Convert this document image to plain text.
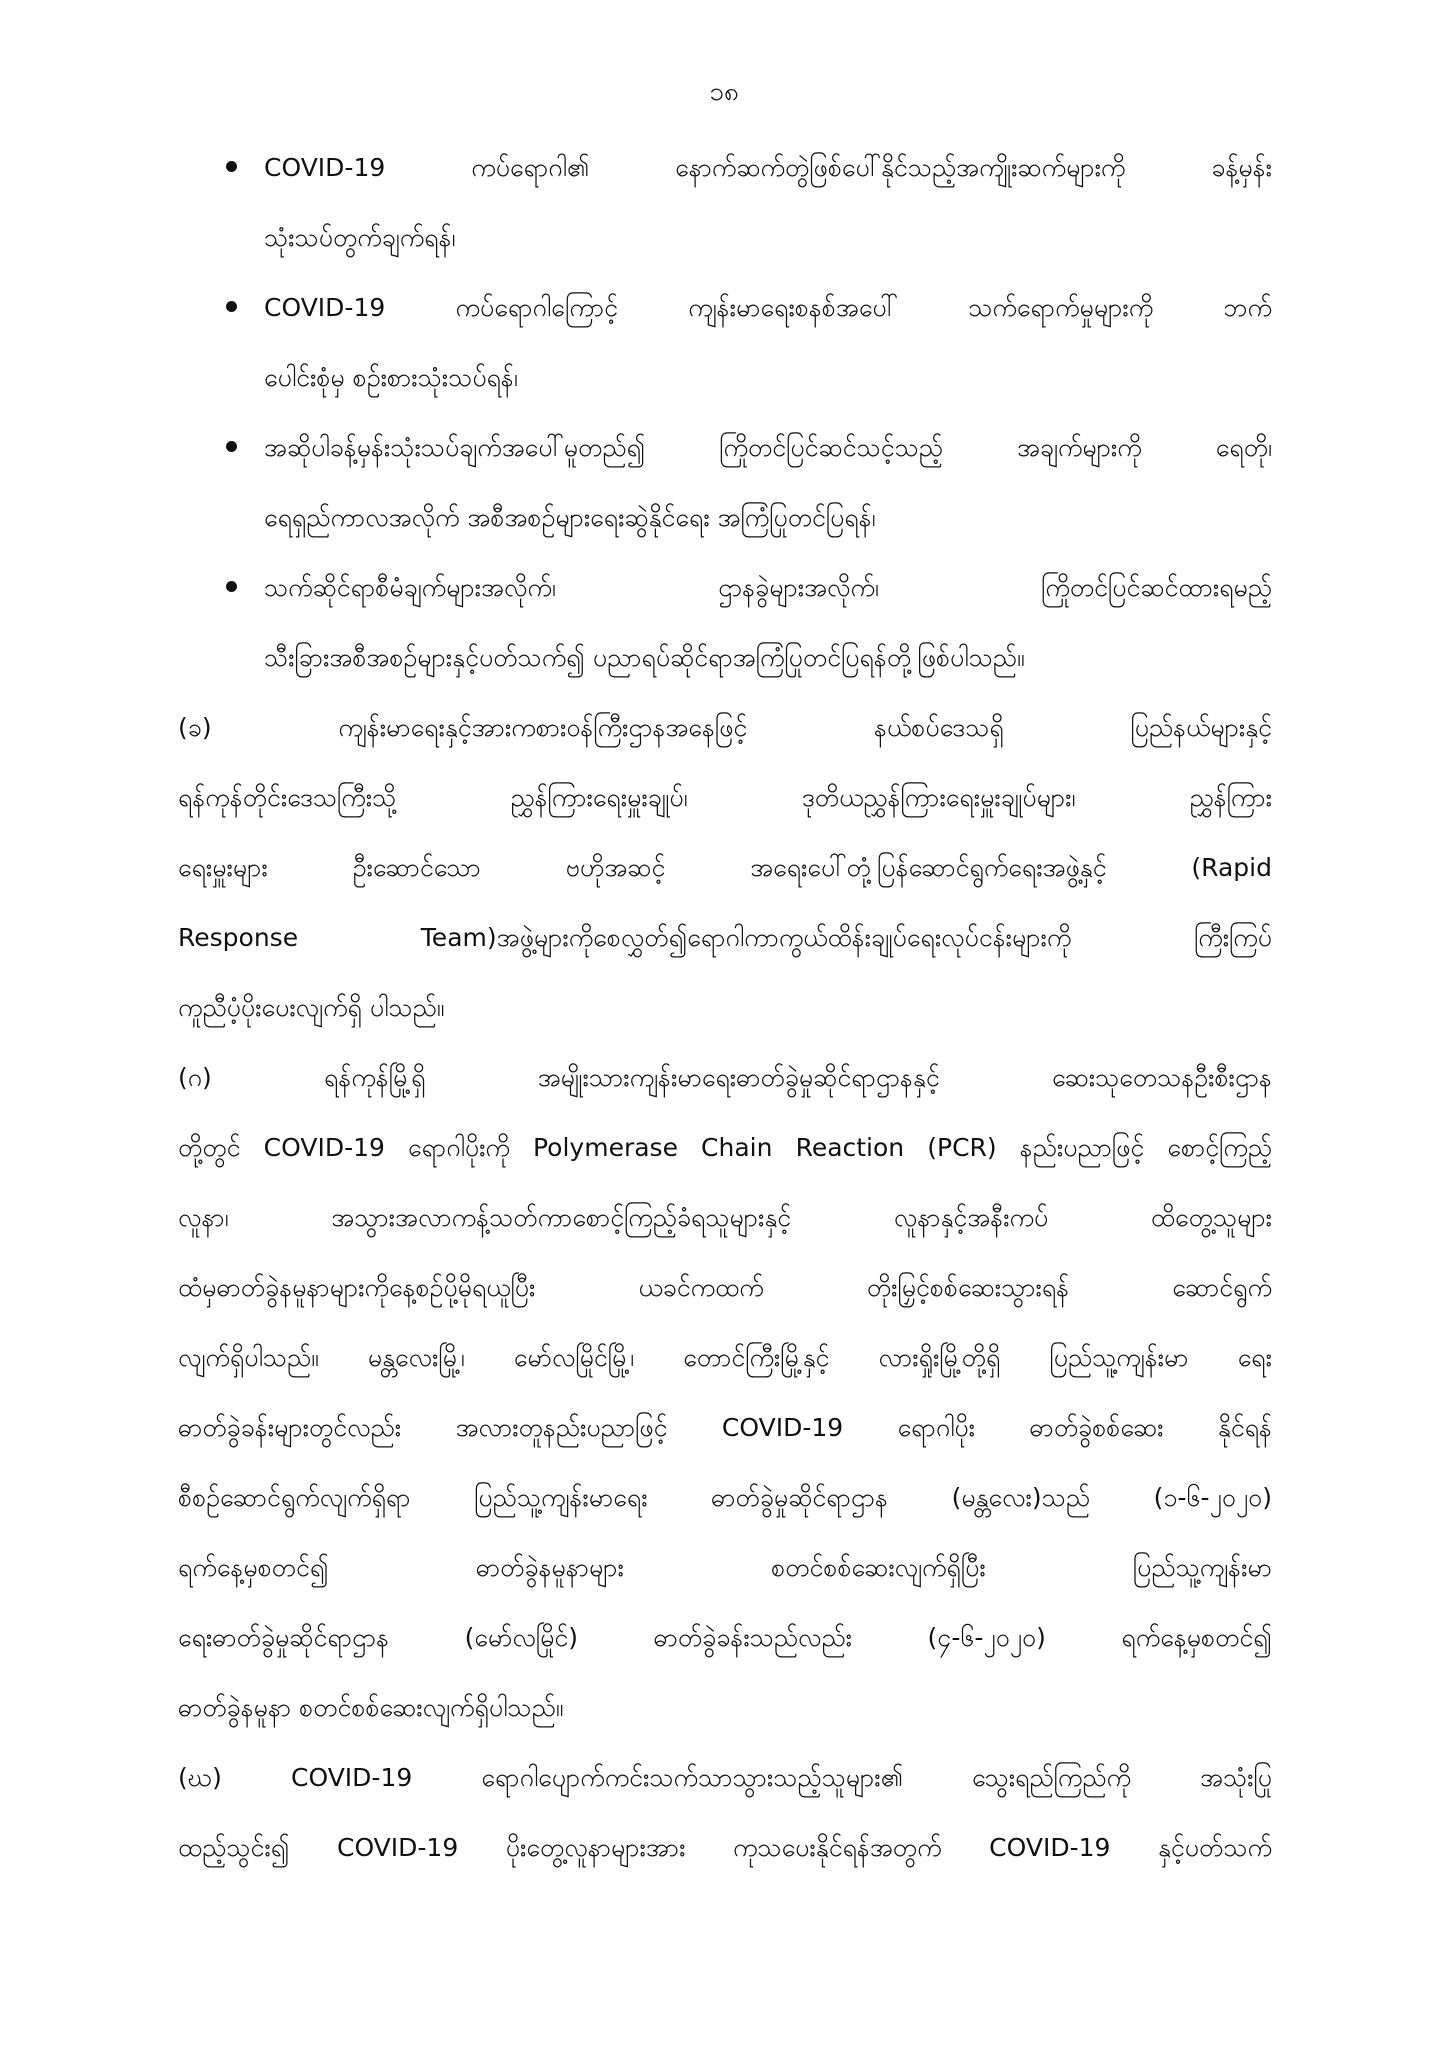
၁၈
COVID-19 ကပ်ရောဂါ၏ နောက်ဆက်တွဲဖြစ်ပေါ်နိုင်သည့်အကျိုးဆက်များကို ခန့်မှန်း
သုံးသပ်တွက်ချက်ရန်၊
COVID-19 ကပ်ရောဂါကြောင့် ကျန်းမာရေးစနစ်အပေါ် သက်ရောက်မှုများကို ဘက်
ပေါင်းစုံမှ စဉ်းစားသုံးသပ်ရန်၊
အဆိုပါခန့်မှန်းသုံးသပ်ချက်အပေါ်မူတည်၍ ကြိုတင်ပြင်ဆင်သင့်သည့် အချက်များကို ရေတို၊
ရေရှည်ကာလအလိုက် အစီအစဉ်များရေးဆွဲနိုင်ရေး အကြံပြုတင်ပြရန်၊
သက်ဆိုင်ရာစီမံချက်များအလိုက်၊ ဌာနခွဲများအလိုက်၊ ကြိုတင်ပြင်ဆင်ထားရမည့်
သီးခြားအစီအစဉ်များနှင့်ပတ်သက်၍ ပညာရပ်ဆိုင်ရာအကြံပြုတင်ပြရန်တို့ဖြစ်ပါသည်။
(ခ) ကျန်းမာရေးနှင့်အားကစားဝန်ကြီးဌာနအနေဖြင့် နယ်စပ်ဒေသရှိ ပြည်နယ်များနှင့်
ရန်ကုန်တိုင်းဒေသကြီးသို့ ညွှန်ကြားရေးမှူးချုပ်၊ ဒုတိယညွှန်ကြားရေးမှူးချုပ်များ၊ ညွှန်ကြား
ရေးမှူးများ ဦးဆောင်သော ဗဟိုအဆင့် အရေးပေါ်တုံ့ပြန်ဆောင်ရွက်ရေးအဖွဲ့နှင့် (Rapid
Response Team)အဖွဲ့များကိုစေလွှတ်၍ရောဂါကာကွယ်ထိန်းချုပ်ရေးလုပ်ငန်းများကို ကြီးကြပ်
ကူညီပံ့ပိုးပေးလျက်ရှိ ပါသည်။
(ဂ) ရန်ကုန်မြို့ရှိ အမျိုးသားကျန်းမာရေးဓာတ်ခွဲမှုဆိုင်ရာဌာနနှင့် ဆေးသုတေသနဦးစီးဌာန
တို့တွင် COVID-19 ရောဂါပိုးကို Polymerase Chain Reaction (PCR) နည်းပညာဖြင့် စောင့်ကြည့်
လူနာ၊ အသွားအလာကန့်သတ်ကာစောင့်ကြည့်ခံရသူများနှင့် လူနာနှင့်အနီးကပ် ထိတွေ့သူများ
ထံမှဓာတ်ခွဲနမူနာများကိုနေ့စဉ်ပို့မိုရယူပြီး ယခင်ကထက် တိုးမြှင့်စစ်ဆေးသွားရန် ဆောင်ရွက်
လျက်ရှိပါသည်။ မန္တလေးမြို့၊ မော်လမြိုင်မြို့၊ တောင်ကြီးမြို့နှင့် လားရှိုးမြို့တို့ရှိ ပြည်သူ့ကျန်းမာ ရေး
ဓာတ်ခွဲခန်းများတွင်လည်း အလားတူနည်းပညာဖြင့် COVID-19 ရောဂါပိုး ဓာတ်ခွဲစစ်ဆေး နိုင်ရန်
စီစဉ်ဆောင်ရွက်လျက်ရှိရာ ပြည်သူ့ကျန်းမာရေး ဓာတ်ခွဲမှုဆိုင်ရာဌာန (မန္တလေး)သည် (၁-၆-၂၀၂၀)
ရက်နေ့မှစတင်၍ ဓာတ်ခွဲနမူနာများ စတင်စစ်ဆေးလျက်ရှိပြီး ပြည်သူ့ကျန်းမာ
ရေးဓာတ်ခွဲမှုဆိုင်ရာဌာန (မော်လမြိုင်) ဓာတ်ခွဲခန်းသည်လည်း (၄-၆-၂၀၂၀) ရက်နေ့မှစတင်၍
ဓာတ်ခွဲနမူနာ စတင်စစ်ဆေးလျက်ရှိပါသည်။
(ဃ) COVID-19 ရောဂါပျောက်ကင်းသက်သာသွားသည့်သူများ၏ သွေးရည်ကြည်ကို အသုံးပြု
ထည့်သွင်း၍ COVID-19 ပိုးတွေ့လူနာများအား ကုသပေးနိုင်ရန်အတွက် COVID-19 နှင့်ပတ်သက်
